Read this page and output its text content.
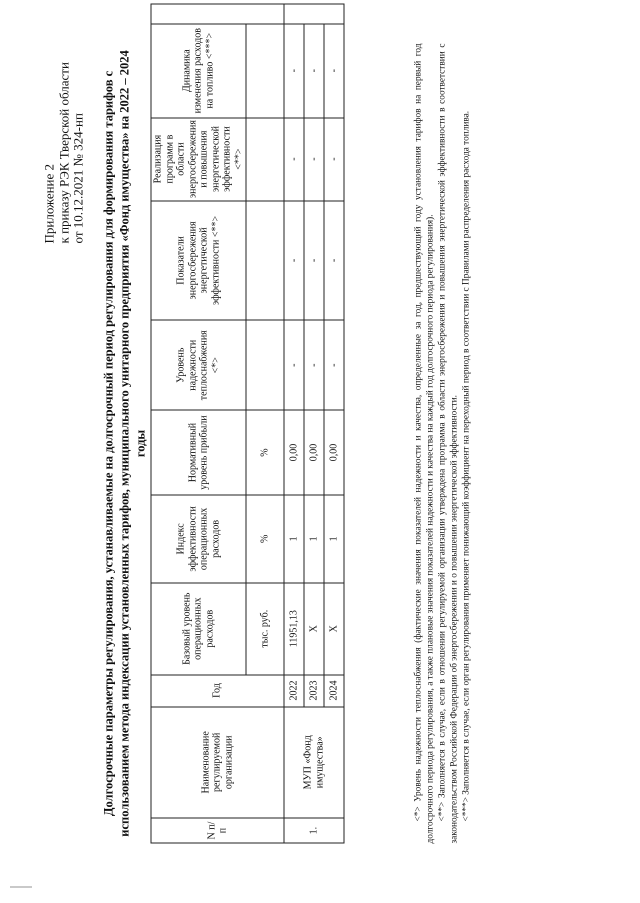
Приложение 2 к приказу РЭК Тверской области от 10.12.2021 № 324-нп Долгосрочные параметры регулирования, устанавливаемые на долгосрочный период регулирования для формирования тарифов с использованием метода индексации установленных тарифов, муниципального унитарного предприятия «Фонд имущества» на 2022 – 2024 годы
N п/п	Наименование регулируемой организации	Год	Базовый уровень операционных расходов	Индекс эффективности операционных расходов	Нормативный уровень прибыли	Уровень надежности теплоснабжения <*>	Показатели энергосбережения энергетической эффективности <**>	Реализация программ в области энергосбережения и повышения энергетической эффективности <**>	Динамика изменения расходов на топливо <***>	
			тыс. руб.	%	%					
1.	МУП «Фонд имущества»	2022	11951,13	1	0,00	-	-	-	-	
		2023	Х	1	0,00	-	-	-	-	
		2024	Х	1	0,00	-	-	-	-		<*> Уровень надежности теплоснабжения (фактические значения показателей надежности и качества, определенные за год, предшествующий году установления тарифов на первый год долгосрочного периода регулирования, а также плановые значения показателей надежности и качества на каждый год долгосрочного периода регулирования). <**> Заполняется в случае, если в отношении регулируемой организации утверждена программа в области энергосбережения и повышения энергетической эффективности в соответствии с законодательством Российской Федерации об энергосбережении и о повышении энергетической эффективности. <***> Заполняется в случае, если орган регулирования применяет понижающий коэффициент на переходный период в соответствии с Правилами распределения расхода топлива.
